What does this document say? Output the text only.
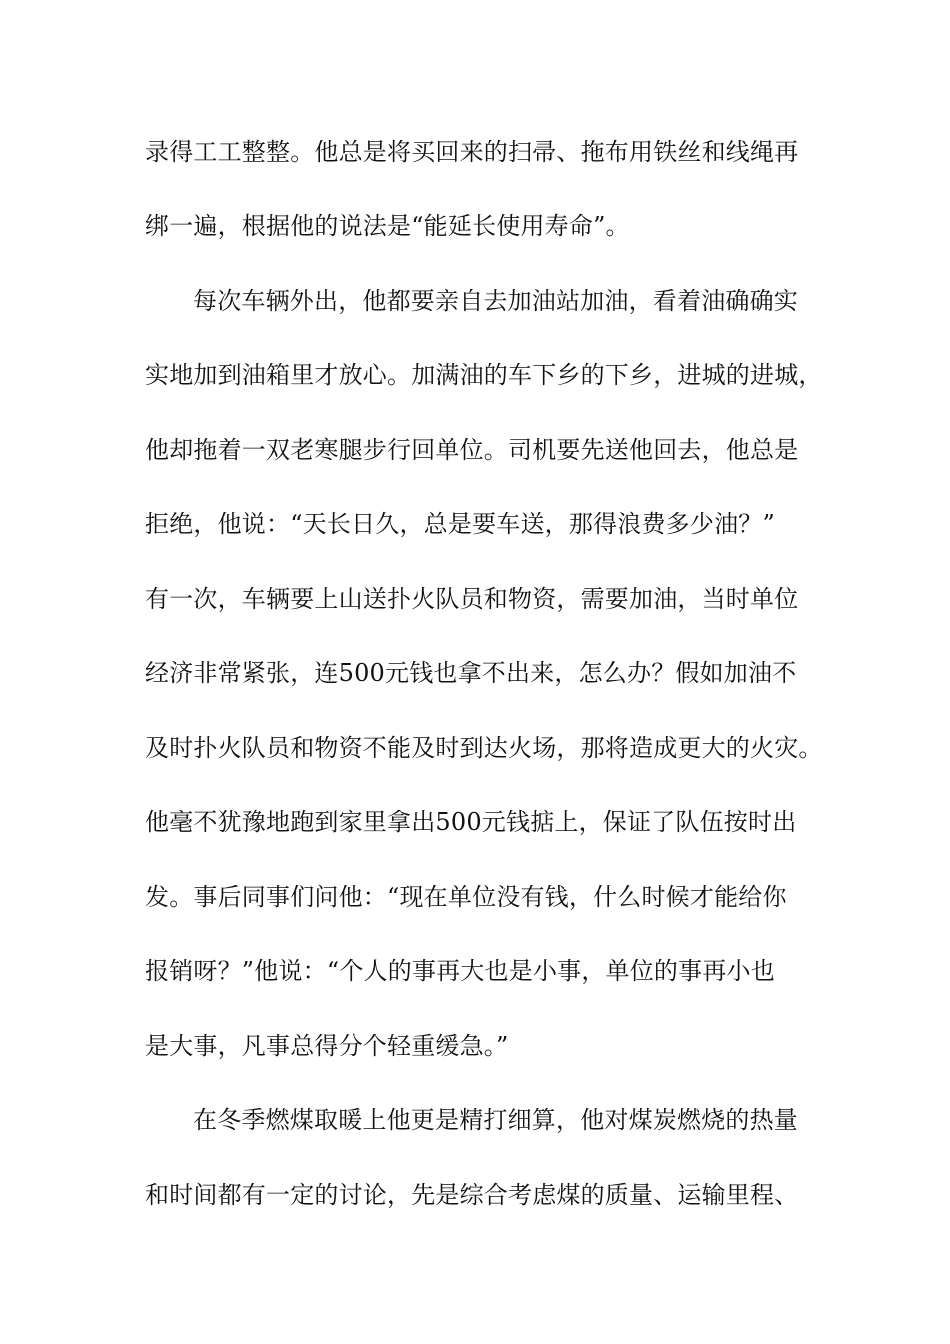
录得工工整整。他总是将买回来的扫帚、拖布用铁丝和线绳再
绑一遍，根据他的说法是“能延长使用寿命”。
每次车辆外出，他都要亲自去加油站加油，看着油确确实
实地加到油箱里才放心。加满油的车下乡的下乡，进城的进城，
他却拖着一双老寒腿步行回单位。司机要先送他回去，他总是
拒绝，他说：“天长日久，总是要车送，那得浪费多少油？”
有一次，车辆要上山送扑火队员和物资，需要加油，当时单位
经济非常紧张，连500元钱也拿不出来，怎么办？假如加油不
及时扑火队员和物资不能及时到达火场，那将造成更大的火灾。
他毫不犹豫地跑到家里拿出500元钱掂上，保证了队伍按时出
发。事后同事们问他：“现在单位没有钱，什么时候才能给你
报销呀？”他说：“个人的事再大也是小事，单位的事再小也
是大事，凡事总得分个轻重缓急。”
在冬季燃煤取暖上他更是精打细算，他对煤炭燃烧的热量
和时间都有一定的讨论，先是综合考虑煤的质量、运输里程、
